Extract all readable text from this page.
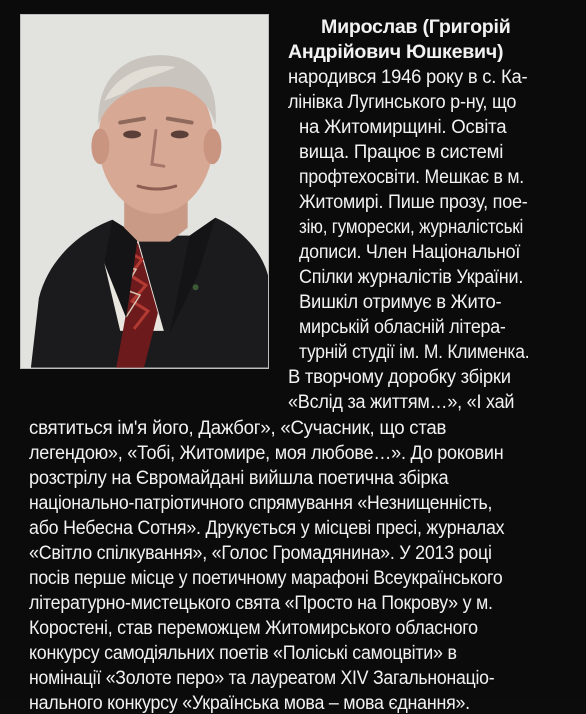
Мирослав (Григорій
Андрійович Юшкевич)
народився 1946 року в с. Ка-
лінівка Лугинського р-ну, що
на Житомирщині. Освіта
вища. Працює в системі
профтехосвіти. Мешкає в м.
Житомирі. Пише прозу, пое-
зію, гуморески, журналістські
дописи. Член Національної
Спілки журналістів України.
Вишкіл отримує в Жито-
мирській обласній літера-
турній студії ім. М. Клименка.
В творчому доробку збірки
«Вслід за життям…», «І хай
святиться ім'я його, Дажбог», «Сучасник, що став
легендою», «Тобі, Житомире, моя любове…». До роковин
розстрілу на Євромайдані вийшла поетична збірка
національно-патріотичного спрямування «Незнищенність,
або Небесна Сотня». Друкується у місцеві пресі, журналах
«Світло спілкування», «Голос Громадянина». У 2013 році
посів перше місце у поетичному марафоні Всеукраїнського
літературно-мистецького свята «Просто на Покрову» у м.
Коростені, став переможцем Житомирського обласного
конкурсу самодіяльних поетів «Поліські самоцвіти» в
номінації «Золоте перо» та лауреатом XIV Загальнонаціо-
нального конкурсу «Українська мова – мова єднання».
